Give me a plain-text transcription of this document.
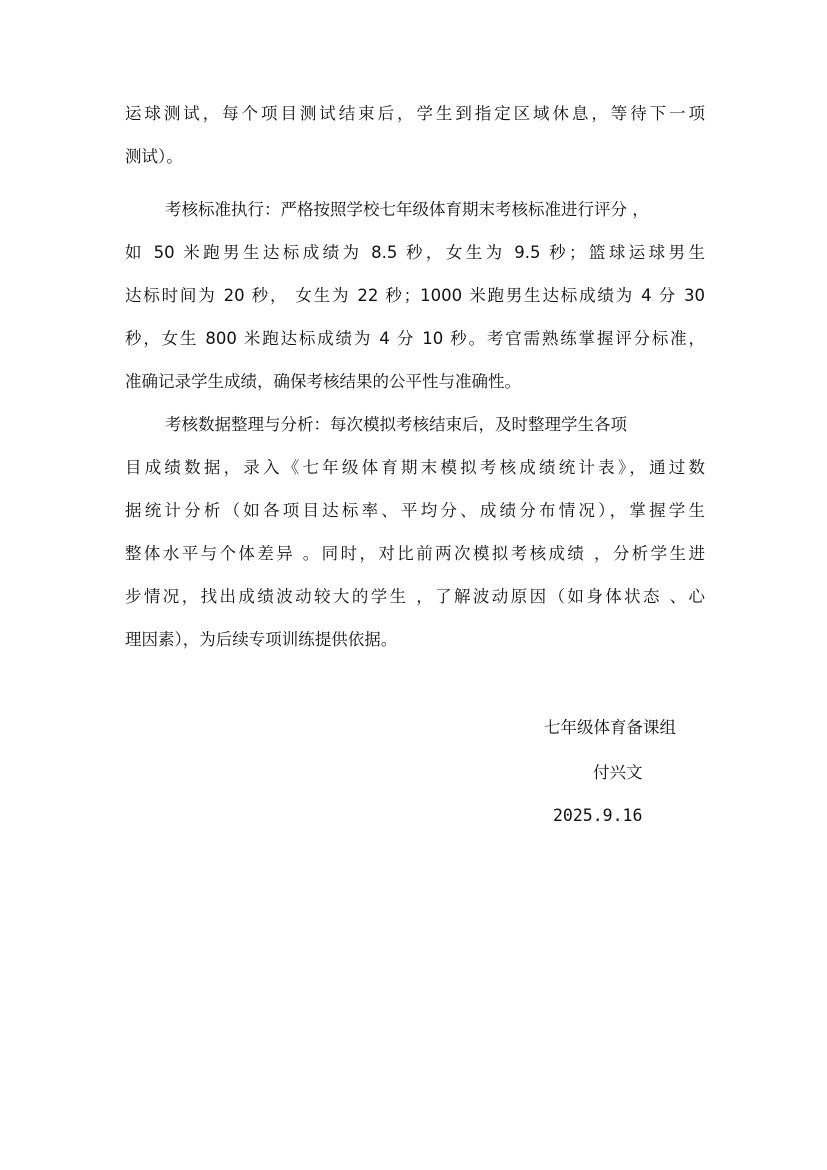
运球测试，每个项目测试结束后，学生到指定区域休息，等待下一项
测试）。
考核标准执行：严格按照学校七年级体育期末考核标准进行评分 ，
如 50 米跑男生达标成绩为 8.5 秒，女生为 9.5 秒；篮球运球男生
达标时间为 20 秒， 女生为 22 秒；1000 米跑男生达标成绩为 4 分 30
秒，女生 800 米跑达标成绩为 4 分 10 秒。考官需熟练掌握评分标准，
准确记录学生成绩，确保考核结果的公平性与准确性。
考核数据整理与分析：每次模拟考核结束后，及时整理学生各项
目成绩数据，录入《七年级体育期末模拟考核成绩统计表》，通过数
据统计分析（如各项目达标率、平均分、成绩分布情况），掌握学生
整体水平与个体差异 。同时，对比前两次模拟考核成绩 ，分析学生进
步情况，找出成绩波动较大的学生 ，了解波动原因（如身体状态 、心
理因素），为后续专项训练提供依据。
七年级体育备课组
付兴文
2025.9.16
